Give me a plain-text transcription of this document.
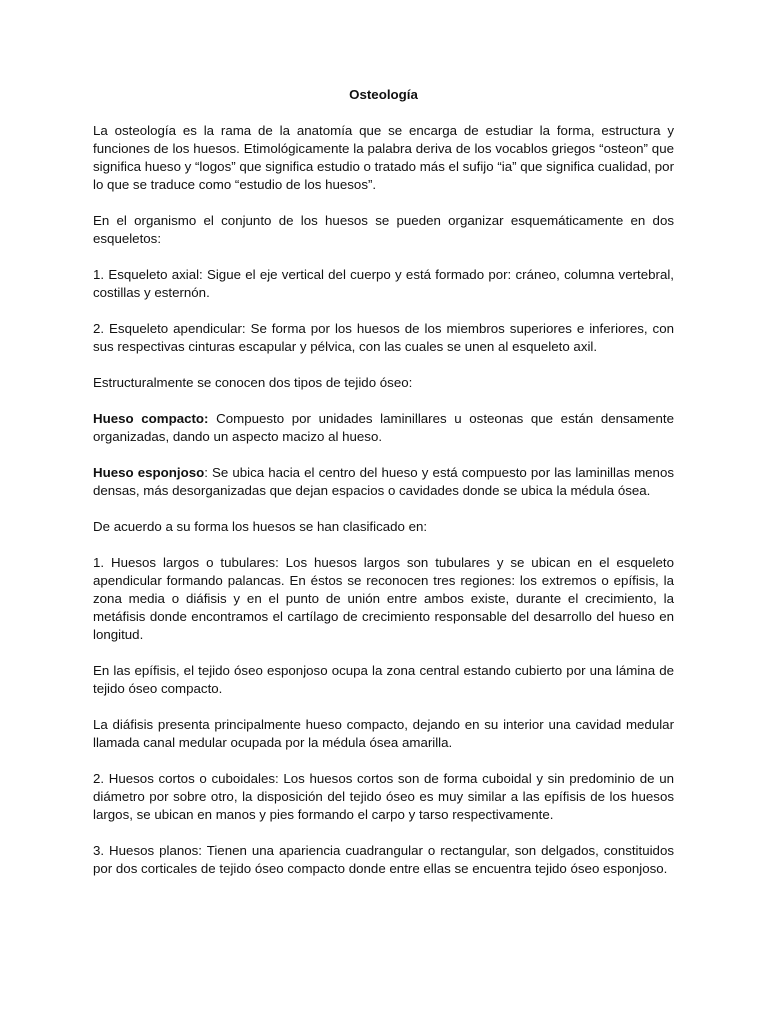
Osteología

La osteología es la rama de la anatomía que se encarga de estudiar la forma, estructura y funciones de los huesos. Etimológicamente la palabra deriva de los vocablos griegos “osteon” que significa hueso y “logos” que significa estudio o tratado más el sufijo “ia” que significa cualidad, por lo que se traduce como “estudio de los huesos”.

En el organismo el conjunto de los huesos se pueden organizar esquemáticamente en dos esqueletos:

1. Esqueleto axial: Sigue el eje vertical del cuerpo y está formado por: cráneo, columna vertebral, costillas y esternón.

2. Esqueleto apendicular: Se forma por los huesos de los miembros superiores e inferiores, con sus respectivas cinturas escapular y pélvica, con las cuales se unen al esqueleto axil.

Estructuralmente se conocen dos tipos de tejido óseo:

Hueso compacto: Compuesto por unidades laminillares u osteonas que están densamente organizadas, dando un aspecto macizo al hueso.

Hueso esponjoso: Se ubica hacia el centro del hueso y está compuesto por las laminillas menos densas, más desorganizadas que dejan espacios o cavidades donde se ubica la médula ósea.

De acuerdo a su forma los huesos se han clasificado en:

1. Huesos largos o tubulares: Los huesos largos son tubulares y se ubican en el esqueleto apendicular formando palancas. En éstos se reconocen tres regiones: los extremos o epífisis, la zona media o diáfisis y en el punto de unión entre ambos existe, durante el crecimiento, la metáfisis donde encontramos el cartílago de crecimiento responsable del desarrollo del hueso en longitud.

En las epífisis, el tejido óseo esponjoso ocupa la zona central estando cubierto por una lámina de tejido óseo compacto.

La diáfisis presenta principalmente hueso compacto, dejando en su interior una cavidad medular llamada canal medular ocupada por la médula ósea amarilla.

2. Huesos cortos o cuboidales: Los huesos cortos son de forma cuboidal y sin predominio de un diámetro por sobre otro, la disposición del tejido óseo es muy similar a las epífisis de los huesos largos, se ubican en manos y pies formando el carpo y tarso respectivamente.

3. Huesos planos: Tienen una apariencia cuadrangular o rectangular, son delgados, constituidos por dos corticales de tejido óseo compacto donde entre ellas se encuentra tejido óseo esponjoso.
